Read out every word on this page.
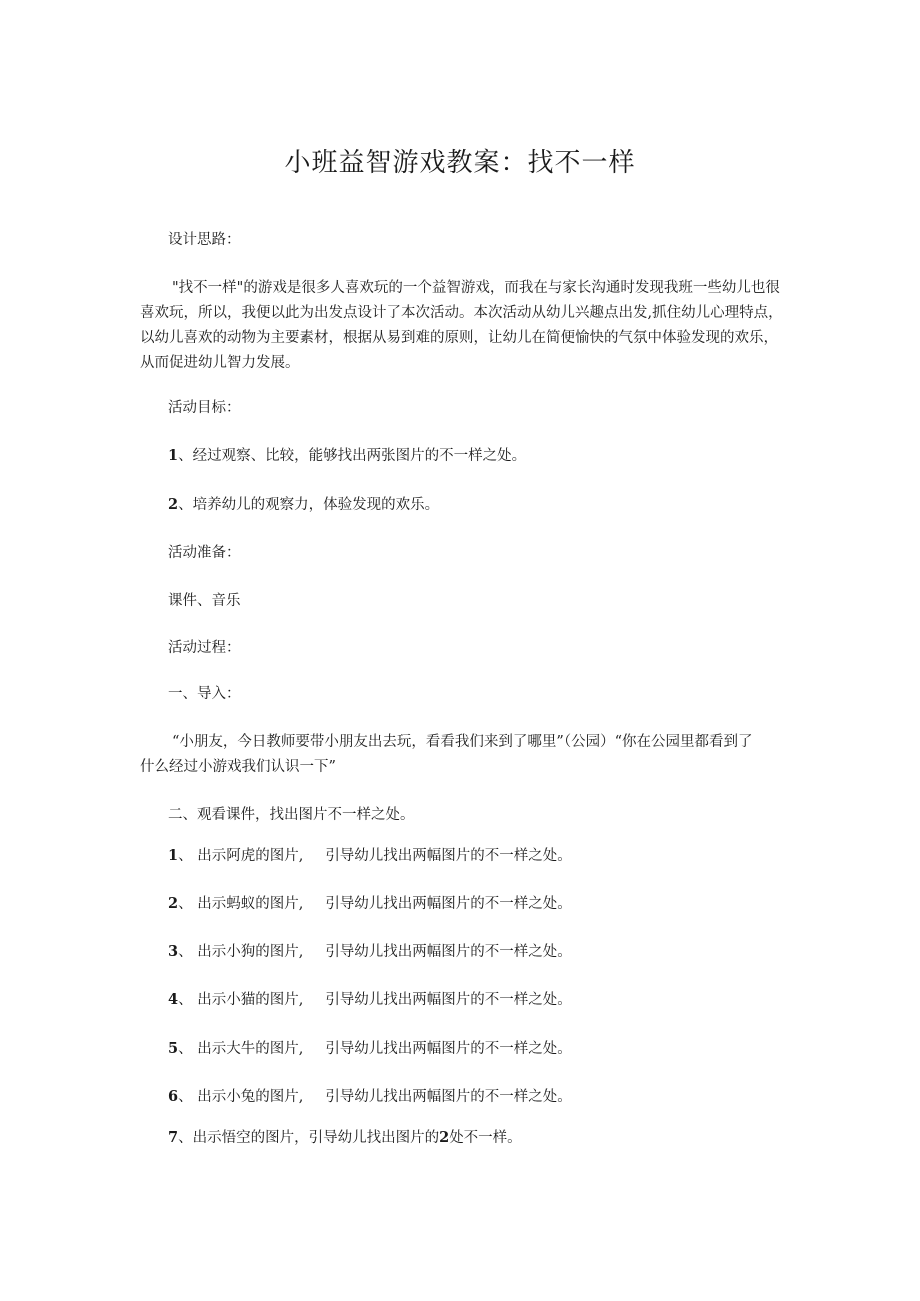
小班益智游戏教案：找不一样
设计思路：
"找不一样"的游戏是很多人喜欢玩的一个益智游戏，而我在与家长沟通时发现我班一些幼儿也很
喜欢玩，所以，我便以此为出发点设计了本次活动。本次活动从幼儿兴趣点出发,抓住幼儿心理特点，
以幼儿喜欢的动物为主要素材，根据从易到难的原则，让幼儿在简便愉快的气氛中体验发现的欢乐，
从而促进幼儿智力发展。
活动目标：
1、经过观察、比较，能够找出两张图片的不一样之处。
2、培养幼儿的观察力，体验发现的欢乐。
活动准备：
课件、音乐
活动过程：
一、导入：
“小朋友，今日教师要带小朋友出去玩，看看我们来到了哪里”（公园）“你在公园里都看到了
什么经过小游戏我们认识一下”
二、观看课件，找出图片不一样之处。
1、 出示阿虎的图片, 引导幼儿找出两幅图片的不一样之处。
2、 出示蚂蚁的图片, 引导幼儿找出两幅图片的不一样之处。
3、 出示小狗的图片, 引导幼儿找出两幅图片的不一样之处。
4、 出示小猫的图片, 引导幼儿找出两幅图片的不一样之处。
5、 出示大牛的图片, 引导幼儿找出两幅图片的不一样之处。
6、 出示小兔的图片, 引导幼儿找出两幅图片的不一样之处。
7、出示悟空的图片，引导幼儿找出图片的2处不一样。
